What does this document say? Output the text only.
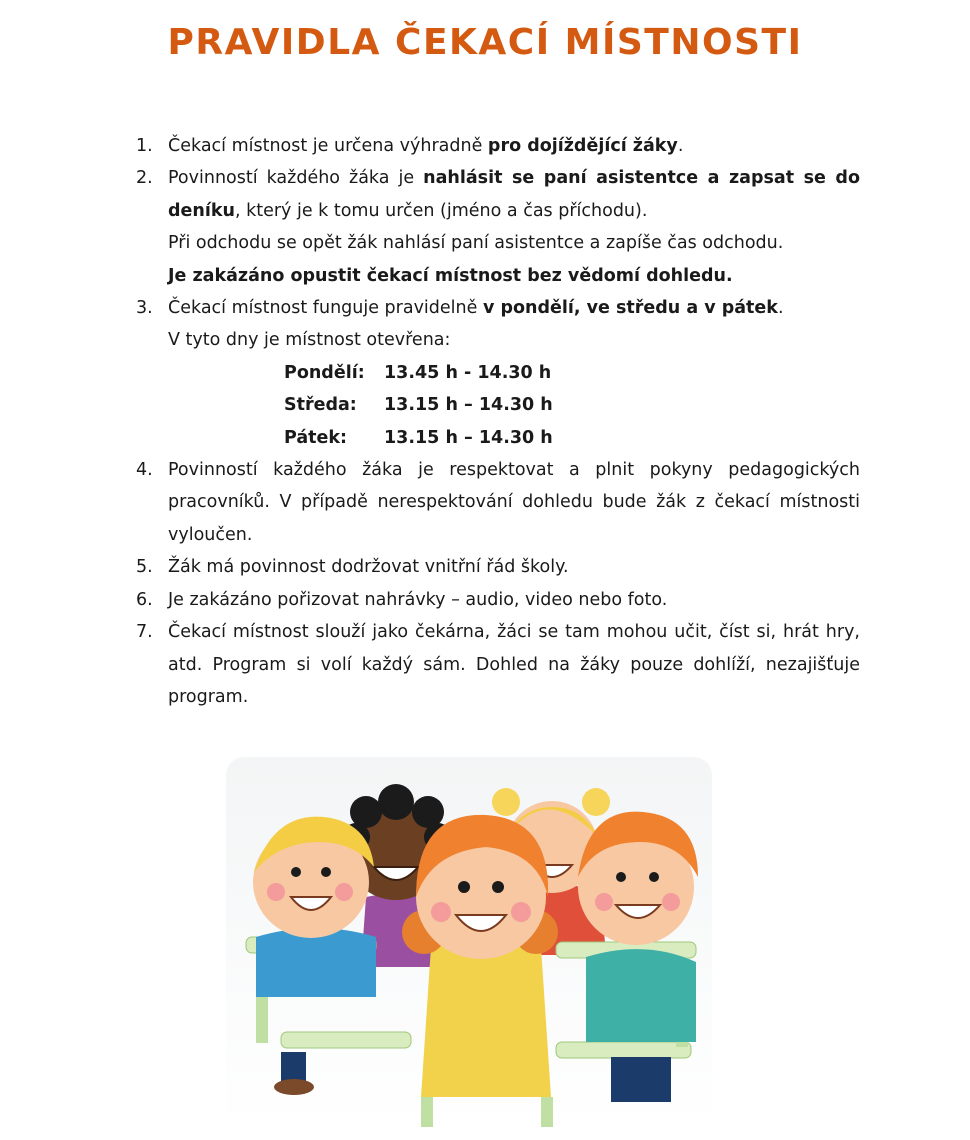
PRAVIDLA ČEKACÍ MÍSTNOSTI
1. Čekací místnost je určena výhradně pro dojíždějící žáky.
2. Povinností každého žáka je nahlásit se paní asistentce a zapsat se do deníku, který je k tomu určen (jméno a čas příchodu).
Při odchodu se opět žák nahlásí paní asistentce a zapíše čas odchodu.
Je zakázáno opustit čekací místnost bez vědomí dohledu.
3. Čekací místnost funguje pravidelně v pondělí, ve středu a v pátek.
V tyto dny je místnost otevřena:
Pondělí:	13.45 h - 14.30 h
Středa:	13.15 h – 14.30 h
Pátek:	13.15 h – 14.30 h
4. Povinností každého žáka je respektovat a plnit pokyny pedagogických pracovníků. V případě nerespektování dohledu bude žák z čekací místnosti vyloučen.
5. Žák má povinnost dodržovat vnitřní řád školy.
6. Je zakázáno pořizovat nahrávky – audio, video nebo foto.
7. Čekací místnost slouží jako čekárna, žáci se tam mohou učit, číst si, hrát hry, atd. Program si volí každý sám. Dohled na žáky pouze dohlíží, nezajišťuje program.
